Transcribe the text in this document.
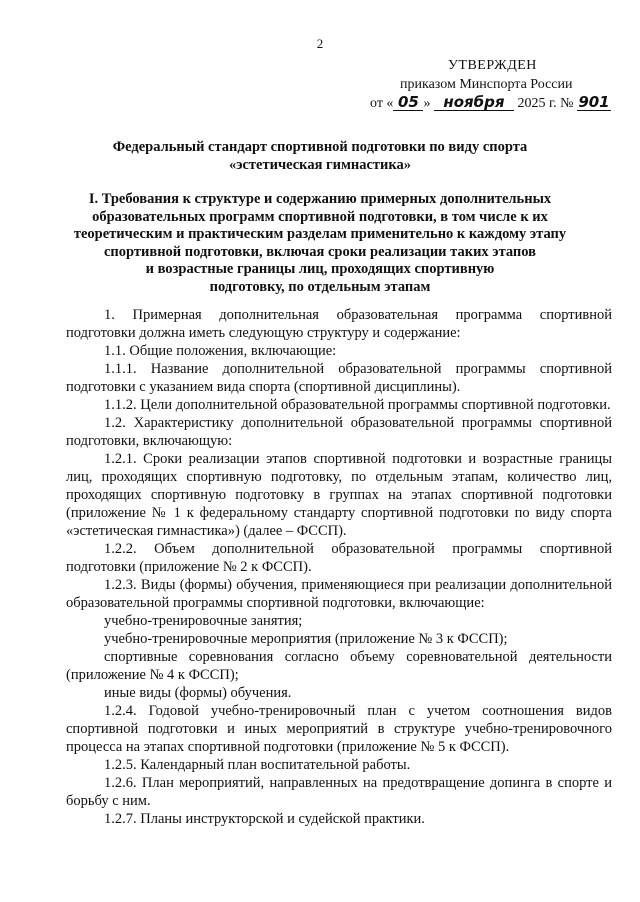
2
УТВЕРЖДЕН
приказом Минспорта России
от « 05 » ноября 2025 г. № 901
Федеральный стандарт спортивной подготовки по виду спорта
«эстетическая гимнастика»
I. Требования к структуре и содержанию примерных дополнительных
образовательных программ спортивной подготовки, в том числе к их
теоретическим и практическим разделам применительно к каждому этапу
спортивной подготовки, включая сроки реализации таких этапов
и возрастные границы лиц, проходящих спортивную
подготовку, по отдельным этапам

1. Примерная дополнительная образовательная программа спортивной подготовки должна иметь следующую структуру и содержание:

1.1. Общие положения, включающие:

1.1.1. Название дополнительной образовательной программы спортивной подготовки с указанием вида спорта (спортивной дисциплины).

1.1.2. Цели дополнительной образовательной программы спортивной подготовки.

1.2. Характеристику дополнительной образовательной программы спортивной подготовки, включающую:

1.2.1. Сроки реализации этапов спортивной подготовки и возрастные границы лиц, проходящих спортивную подготовку, по отдельным этапам, количество лиц, проходящих спортивную подготовку в группах на этапах спортивной подготовки (приложение № 1 к федеральному стандарту спортивной подготовки по виду спорта «эстетическая гимнастика») (далее – ФССП).

1.2.2. Объем дополнительной образовательной программы спортивной подготовки (приложение № 2 к ФССП).

1.2.3. Виды (формы) обучения, применяющиеся при реализации дополнительной образовательной программы спортивной подготовки, включающие:

учебно-тренировочные занятия;

учебно-тренировочные мероприятия (приложение № 3 к ФССП);

спортивные соревнования согласно объему соревновательной деятельности (приложение № 4 к ФССП);

иные виды (формы) обучения.

1.2.4. Годовой учебно-тренировочный план с учетом соотношения видов спортивной подготовки и иных мероприятий в структуре учебно-тренировочного процесса на этапах спортивной подготовки (приложение № 5 к ФССП).

1.2.5. Календарный план воспитательной работы.

1.2.6. План мероприятий, направленных на предотвращение допинга в спорте и борьбу с ним.

1.2.7. Планы инструкторской и судейской практики.
